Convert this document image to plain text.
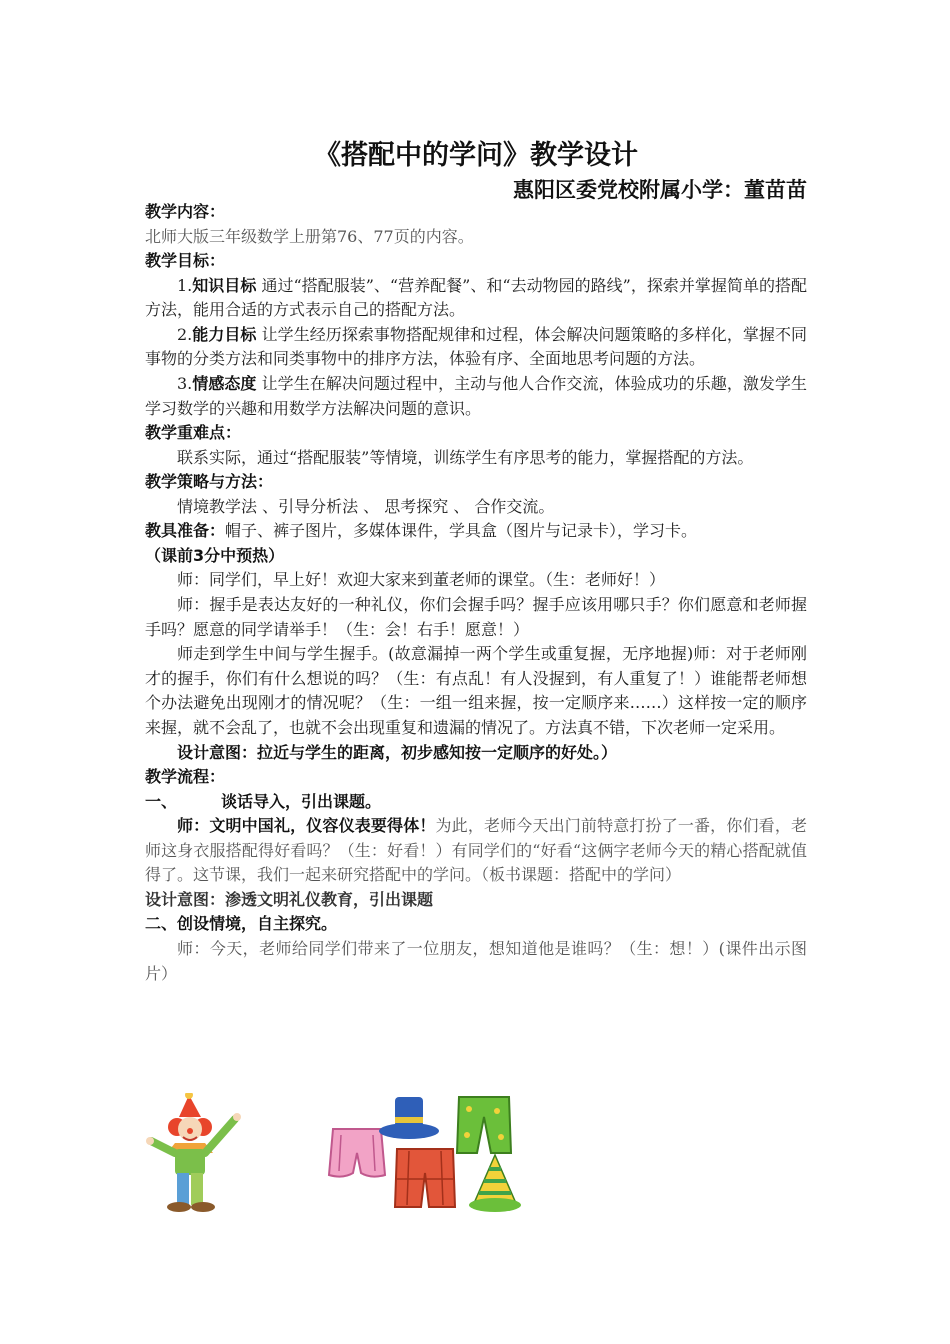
《搭配中的学问》教学设计
惠阳区委党校附属小学：董苗苗
教学内容：

北师大版三年级数学上册第76、77页的内容。

教学目标：

1.知识目标 通过“搭配服装”、“营养配餐”、和“去动物园的路线”，探索并掌握简单的搭配方法，能用合适的方式表示自己的搭配方法。

2.能力目标 让学生经历探索事物搭配规律和过程，体会解决问题策略的多样化，掌握不同事物的分类方法和同类事物中的排序方法，体验有序、全面地思考问题的方法。

3.情感态度 让学生在解决问题过程中，主动与他人合作交流，体验成功的乐趣，激发学生学习数学的兴趣和用数学方法解决问题的意识。

教学重难点：

联系实际，通过“搭配服装”等情境，训练学生有序思考的能力，掌握搭配的方法。

教学策略与方法：

情境教学法 、引导分析法 、 思考探究 、 合作交流。

教具准备：帽子、裤子图片，多媒体课件，学具盒（图片与记录卡），学习卡。

（课前3分中预热）

师：同学们，早上好！欢迎大家来到董老师的课堂。（生：老师好！）

师：握手是表达友好的一种礼仪，你们会握手吗？握手应该用哪只手？你们愿意和老师握手吗？愿意的同学请举手！（生：会！右手！愿意！）

师走到学生中间与学生握手。(故意漏掉一两个学生或重复握，无序地握)师：对于老师刚才的握手，你们有什么想说的吗？（生：有点乱！有人没握到，有人重复了！）谁能帮老师想个办法避免出现刚才的情况呢？（生：一组一组来握，按一定顺序来……）这样按一定的顺序来握，就不会乱了，也就不会出现重复和遗漏的情况了。方法真不错，下次老师一定采用。

设计意图：拉近与学生的距离，初步感知按一定顺序的好处。）

教学流程：
一、	谈话导入，引出课题。

师：文明中国礼，仪容仪表要得体！为此，老师今天出门前特意打扮了一番，你们看，老师这身衣服搭配得好看吗？（生：好看！）有同学们的“好看“这俩字老师今天的精心搭配就值得了。这节课，我们一起来研究搭配中的学问。（板书课题：搭配中的学问）

设计意图：渗透文明礼仪教育，引出课题
二、创设情境，自主探究。

师：今天，老师给同学们带来了一位朋友，想知道他是谁吗？（生：想！）(课件出示图片）
